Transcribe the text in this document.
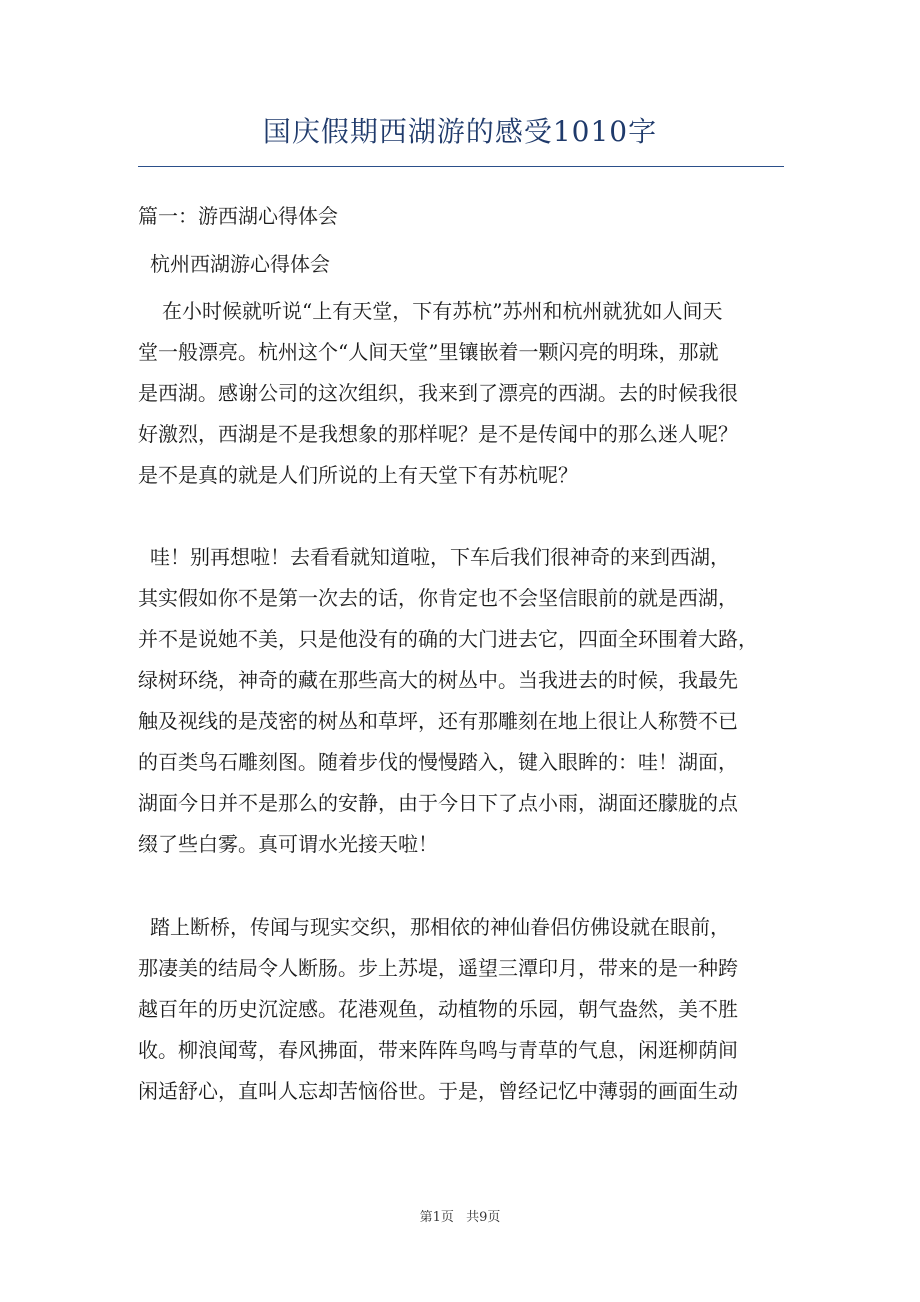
国庆假期西湖游的感受1010字
篇一：游西湖心得体会
杭州西湖游心得体会

在小时候就听说“上有天堂，下有苏杭”苏州和杭州就犹如人间天
堂一般漂亮。杭州这个“人间天堂”里镶嵌着一颗闪亮的明珠，那就
是西湖。感谢公司的这次组织，我来到了漂亮的西湖。去的时候我很
好激烈，西湖是不是我想象的那样呢？是不是传闻中的那么迷人呢？
是不是真的就是人们所说的上有天堂下有苏杭呢？

哇！别再想啦！去看看就知道啦，下车后我们很神奇的来到西湖，
其实假如你不是第一次去的话，你肯定也不会坚信眼前的就是西湖，
并不是说她不美，只是他没有的确的大门进去它，四面全环围着大路，
绿树环绕，神奇的藏在那些高大的树丛中。当我进去的时候，我最先
触及视线的是茂密的树丛和草坪，还有那雕刻在地上很让人称赞不已
的百类鸟石雕刻图。随着步伐的慢慢踏入，键入眼眸的：哇！湖面，
湖面今日并不是那么的安静，由于今日下了点小雨，湖面还朦胧的点
缀了些白雾。真可谓水光接天啦！

踏上断桥，传闻与现实交织，那相依的神仙眷侣仿佛设就在眼前，
那凄美的结局令人断肠。步上苏堤，遥望三潭印月，带来的是一种跨
越百年的历史沉淀感。花港观鱼，动植物的乐园，朝气盎然，美不胜
收。柳浪闻莺，春风拂面，带来阵阵鸟鸣与青草的气息，闲逛柳荫间
闲适舒心，直叫人忘却苦恼俗世。于是，曾经记忆中薄弱的画面生动

第1页 共9页
